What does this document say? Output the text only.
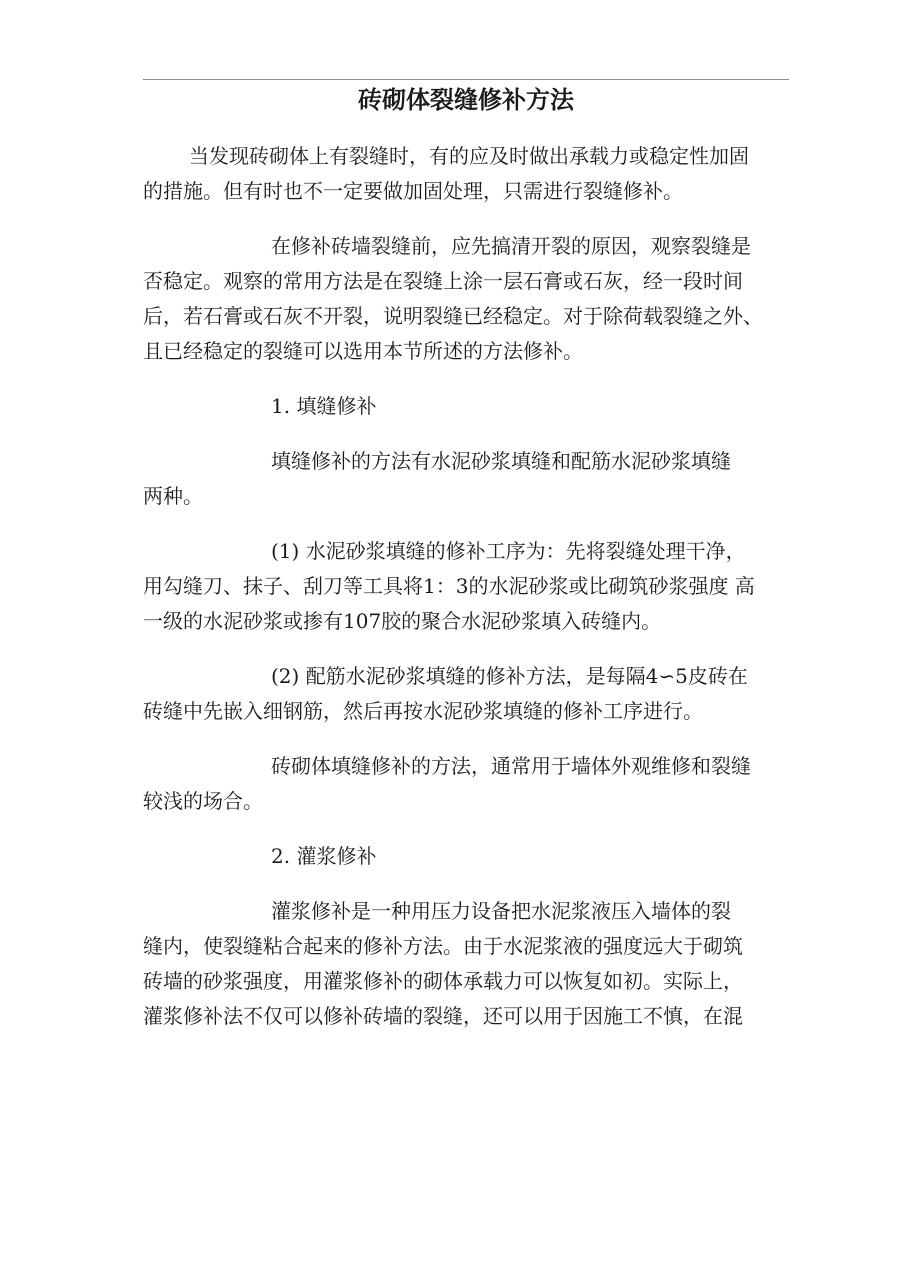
砖砌体裂缝修补方法

当发现砖砌体上有裂缝时，有的应及时做出承载力或稳定性加固
的措施。但有时也不一定要做加固处理，只需进行裂缝修补。

在修补砖墙裂缝前，应先搞清开裂的原因，观察裂缝是
否稳定。观察的常用方法是在裂缝上涂一层石膏或石灰，经一段时间
后，若石膏或石灰不开裂，说明裂缝已经稳定。对于除荷载裂缝之外、
且已经稳定的裂缝可以选用本节所述的方法修补。

1. 填缝修补

填缝修补的方法有水泥砂浆填缝和配筋水泥砂浆填缝
两种。

(1) 水泥砂浆填缝的修补工序为：先将裂缝处理干净，
用勾缝刀、抹子、刮刀等工具将1：3的水泥砂浆或比砌筑砂浆强度 高
一级的水泥砂浆或掺有107胶的聚合水泥砂浆填入砖缝内。

(2) 配筋水泥砂浆填缝的修补方法，是每隔4∽5皮砖在
砖缝中先嵌入细钢筋，然后再按水泥砂浆填缝的修补工序进行。

砖砌体填缝修补的方法，通常用于墙体外观维修和裂缝
较浅的场合。

2. 灌浆修补

灌浆修补是一种用压力设备把水泥浆液压入墙体的裂
缝内，使裂缝粘合起来的修补方法。由于水泥浆液的强度远大于砌筑
砖墙的砂浆强度，用灌浆修补的砌体承载力可以恢复如初。实际上，
灌浆修补法不仅可以修补砖墙的裂缝，还可以用于因施工不慎，在混
